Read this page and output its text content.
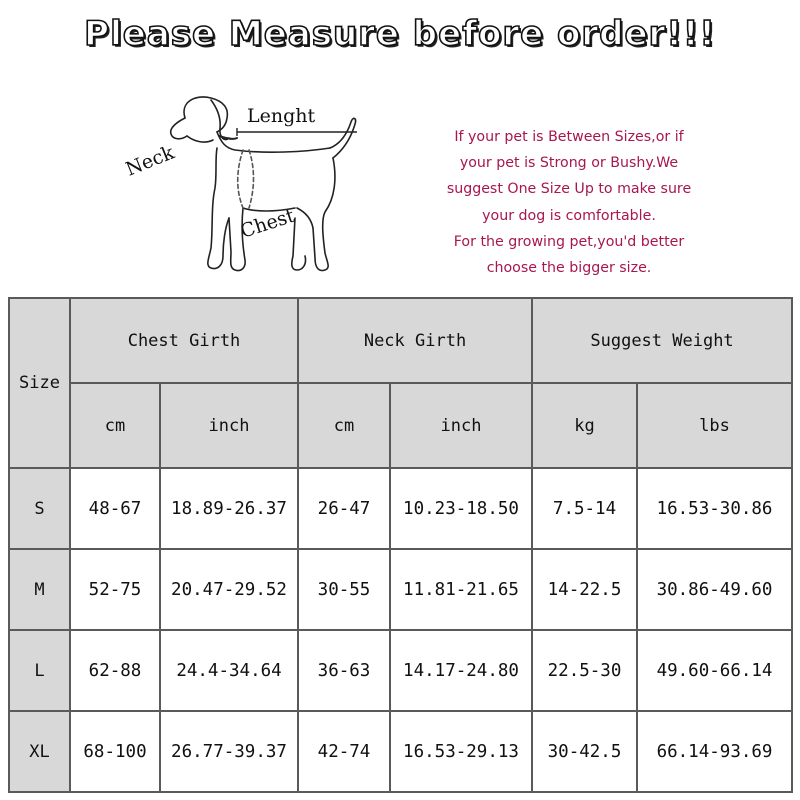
Please Measure before order!!!
Lenght
Neck
Chest
If your pet is Between Sizes,or if
your pet is Strong or Bushy.We
suggest One Size Up to make sure
your dog is comfortable.
For the growing pet,you'd better
choose the bigger size.
Size	Chest Girth		Neck Girth		Suggest Weight	
	cm	inch	cm	inch	kg	lbs
S	48-67	18.89-26.37	26-47	10.23-18.50	7.5-14	16.53-30.86
M	52-75	20.47-29.52	30-55	11.81-21.65	14-22.5	30.86-49.60
L	62-88	24.4-34.64	36-63	14.17-24.80	22.5-30	49.60-66.14
XL	68-100	26.77-39.37	42-74	16.53-29.13	30-42.5	66.14-93.69
